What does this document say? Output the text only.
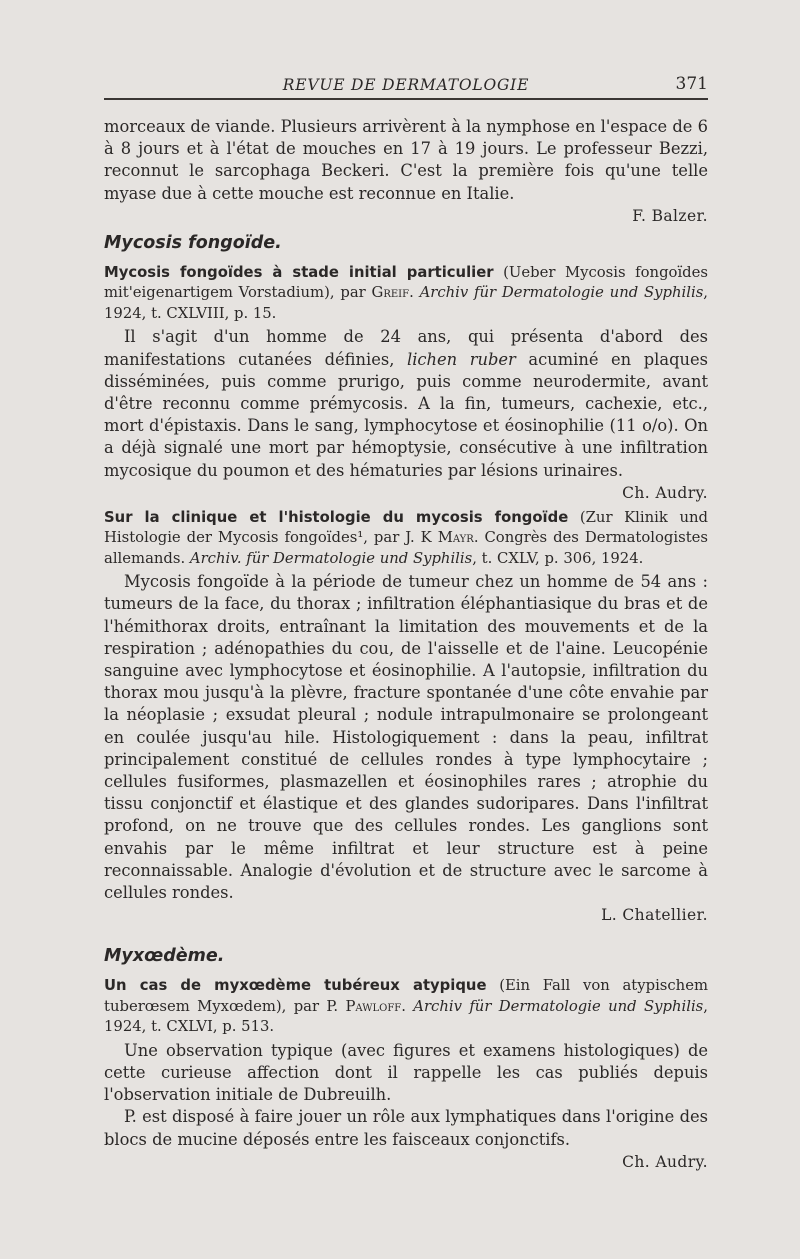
REVUE DE DERMATOLOGIE	371

morceaux de viande. Plusieurs arrivèrent à la nymphose en l'espace de 6 à 8 jours et à l'état de mouches en 17 à 19 jours. Le professeur Bezzi, reconnut le sarcophaga Beckeri. C'est la première fois qu'une telle myase due à cette mouche est reconnue en Italie.

F. Balzer.
Mycosis fongoïde.
Mycosis fongoïdes à stade initial particulier (Ueber Mycosis fongoïdes mit'eigenartigem Vorstadium), par Greif. Archiv für Dermatologie und Syphilis, 1924, t. CXLVIII, p. 15.

Il s'agit d'un homme de 24 ans, qui présenta d'abord des manifestations cutanées définies, lichen ruber acuminé en plaques disséminées, puis comme prurigo, puis comme neurodermite, avant d'être reconnu comme prémycosis. A la fin, tumeurs, cachexie, etc., mort d'épistaxis. Dans le sang, lymphocytose et éosinophilie (11 o/o). On a déjà signalé une mort par hémoptysie, consécutive à une infiltration mycosique du poumon et des hématuries par lésions urinaires.

Ch. Audry.
Sur la clinique et l'histologie du mycosis fongoïde (Zur Klinik und Histologie der Mycosis fongoïdes¹, par J. K Mayr. Congrès des Dermatologistes allemands. Archiv. für Dermatologie und Syphilis, t. CXLV, p. 306, 1924.

Mycosis fongoïde à la période de tumeur chez un homme de 54 ans : tumeurs de la face, du thorax ; infiltration éléphantiasique du bras et de l'hémithorax droits, entraînant la limitation des mouvements et de la respiration ; adénopathies du cou, de l'aisselle et de l'aine. Leucopénie sanguine avec lymphocytose et éosinophilie. A l'autopsie, infiltration du thorax mou jusqu'à la plèvre, fracture spontanée d'une côte envahie par la néoplasie ; exsudat pleural ; nodule intrapulmonaire se prolongeant en coulée jusqu'au hile. Histologiquement : dans la peau, infiltrat principalement constitué de cellules rondes à type lymphocytaire ; cellules fusiformes, plasmazellen et éosinophiles rares ; atrophie du tissu conjonctif et élastique et des glandes sudoripares. Dans l'infiltrat profond, on ne trouve que des cellules rondes. Les ganglions sont envahis par le même infiltrat et leur structure est à peine reconnaissable. Analogie d'évolution et de structure avec le sarcome à cellules rondes.

L. Chatellier.
Myxœdème.
Un cas de myxœdème tubéreux atypique (Ein Fall von atypischem tuberœsem Myxœdem), par P. Pawloff. Archiv für Dermatologie und Syphilis, 1924, t. CXLVI, p. 513.

Une observation typique (avec figures et examens histologiques) de cette curieuse affection dont il rappelle les cas publiés depuis l'observation initiale de Dubreuilh.

P. est disposé à faire jouer un rôle aux lymphatiques dans l'origine des blocs de mucine déposés entre les faisceaux conjonctifs.

Ch. Audry.
